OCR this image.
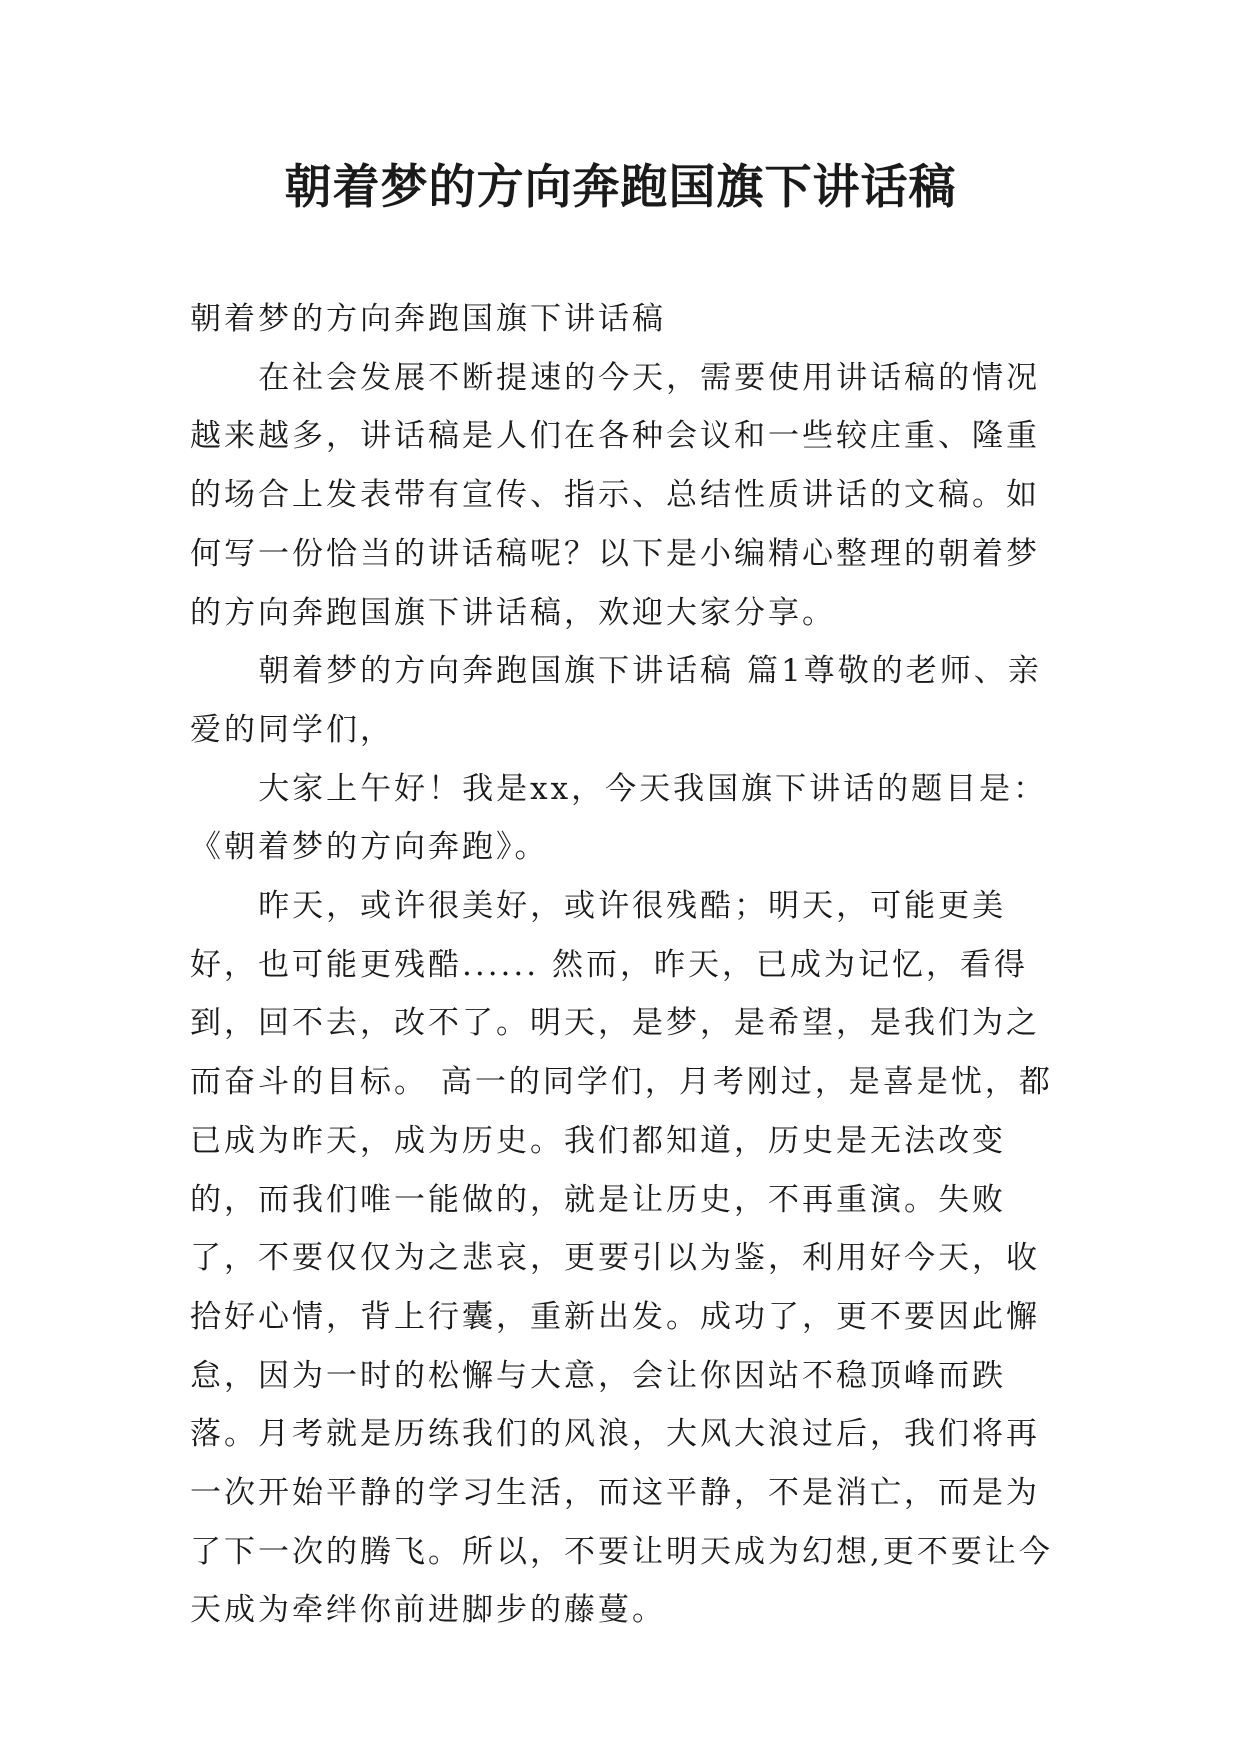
朝着梦的方向奔跑国旗下讲话稿

朝着梦的方向奔跑国旗下讲话稿

在社会发展不断提速的今天，需要使用讲话稿的情况越来越多，讲话稿是人们在各种会议和一些较庄重、隆重的场合上发表带有宣传、指示、总结性质讲话的文稿。如何写一份恰当的讲话稿呢？以下是小编精心整理的朝着梦的方向奔跑国旗下讲话稿，欢迎大家分享。

朝着梦的方向奔跑国旗下讲话稿 篇1尊敬的老师、亲爱的同学们，

大家上午好！我是xx，今天我国旗下讲话的题目是：《朝着梦的方向奔跑》。

昨天，或许很美好，或许很残酷；明天，可能更美好，也可能更残酷...... 然而，昨天，已成为记忆，看得到，回不去，改不了。明天，是梦，是希望，是我们为之而奋斗的目标。 高一的同学们，月考刚过，是喜是忧，都已成为昨天，成为历史。我们都知道，历史是无法改变的，而我们唯一能做的，就是让历史，不再重演。失败了，不要仅仅为之悲哀，更要引以为鉴，利用好今天，收拾好心情，背上行囊，重新出发。成功了，更不要因此懈怠，因为一时的松懈与大意，会让你因站不稳顶峰而跌落。月考就是历练我们的风浪，大风大浪过后，我们将再一次开始平静的学习生活，而这平静，不是消亡，而是为了下一次的腾飞。所以，不要让明天成为幻想,更不要让今天成为牵绊你前进脚步的藤蔓。
